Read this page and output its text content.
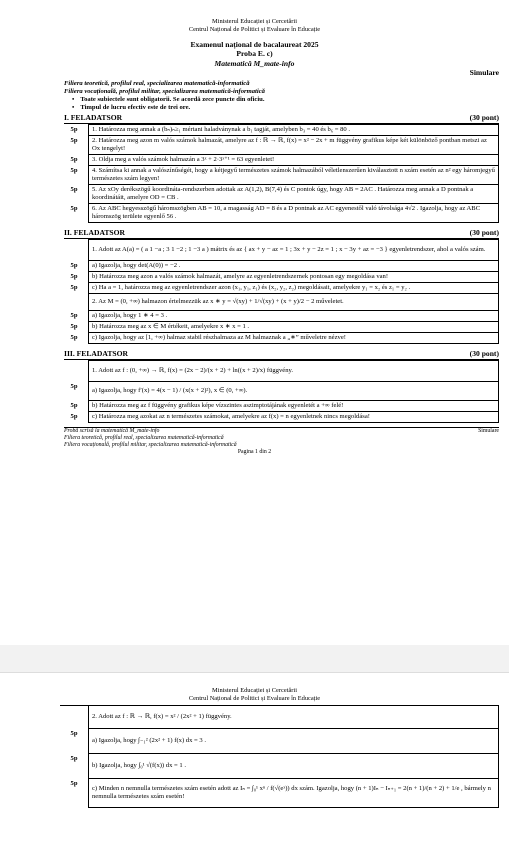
Ministerul Educației și Cercetării
Centrul Național de Politici și Evaluare în Educație
Examenul național de bacalaureat 2025
Proba E. c)
Matematică M_mate-info
Simulare
Filiera teoretică, profilul real, specializarea matematică-informatică
Filiera vocațională, profilul militar, specializarea matematică-informatică
• Toate subiectele sunt obligatorii. Se acordă zece puncte din oficiu.
• Timpul de lucru efectiv este de trei ore.
I. FELADATSOR	(30 pont)
5p	1. Határozza meg annak a (bₙ)ₙ≥₁ mértani haladványnak a b₁ tagját, amelyben b₃ = 40 és b₆ = 80 .
5p	2. Határozza meg azon m valós számok halmazát, amelyre az f : ℝ → ℝ, f(x) = x² − 2x + m függvény grafikus képe két különböző pontban metszi az Ox tengelyt!
5p	3. Oldja meg a valós számok halmazán a 3ˣ + 2·3ˣ⁺¹ = 63 egyenletet!
5p	4. Számítsa ki annak a valószínűségét, hogy a kétjegyű természetes számok halmazából véletlenszerűen kiválasztott n szám esetén az n² egy háromjegyű természetes szám legyen!
5p	5. Az xOy derékszögű koordináta-rendszerben adottak az A(1,2), B(7,4) és C pontok úgy, hogy AB = 2AC . Határozza meg annak a D pontnak a koordinátáit, amelyre OD = CB .
5p	6. Az ABC hegyesszögű háromszögben AB = 10, a magasság AD = 8 és a D pontnak az AC egyenestől való távolsága 4√2 . Igazolja, hogy az ABC háromszög területe egyenlő 56 .
II. FELADATSOR	(30 pont)
	1. Adott az A(a) = ( a 1 −a ; 3 1 −2 ; 1 −3 a ) mátrix és az { ax + y − az = 1 ; 3x + y − 2z = 1 ; x − 3y + az = −3 } egyenletrendszer, ahol a valós szám.
5p	a) Igazolja, hogy det(A(0)) = −2 .
5p	b) Határozza meg azon a valós számok halmazát, amelyre az egyenletrendszernek pontosan egy megoldása van!
5p	c) Ha a = 1, határozza meg az egyenletrendszer azon (x₁, y₁, z₁) és (x₂, y₂, z₂) megoldásait, amelyekre y₁ = x₂ és z₁ = y₂ .
	2. Az M = (0, +∞) halmazon értelmezzük az x ∗ y = √(xy) + 1/√(xy) + (x + y)/2 − 2 műveletet.
5p	a) Igazolja, hogy 1 ∗ 4 = 3 .
5p	b) Határozza meg az x ∈ M értékeit, amelyekre x ∗ x = 1 .
5p	c) Igazolja, hogy az [1, +∞) halmaz stabil részhalmaza az M halmaznak a „∗” műveletre nézve!
III. FELADATSOR	(30 pont)
	1. Adott az f : (0, +∞) → ℝ, f(x) = (2x − 2)/(x + 2) + ln((x + 2)/x) függvény.
5p	a) Igazolja, hogy f′(x) = 4(x − 1) / (x(x + 2)²), x ∈ (0, +∞).
5p	b) Határozza meg az f függvény grafikus képe vízszintes aszimptotájának egyenletét a +∞ felé!
5p	c) Határozza meg azokat az n természetes számokat, amelyekre az f(x) = n egyenletnek nincs megoldása!
Probă scrisă la matematică M_mate-info
Filiera teoretică, profilul real, specializarea matematică-informatică
Filiera vocațională, profilul militar, specializarea matematică-informatică
Simulare
Pagina 1 din 2
Ministerul Educației și Cercetării
Centrul Național de Politici și Evaluare în Educație
	2. Adott az f : ℝ → ℝ, f(x) = x² / (2x² + 1) függvény.
5p	a) Igazolja, hogy ∫₋₁² (2x² + 1) f(x) dx = 3 .
5p	b) Igazolja, hogy ∫₀¹ √(f(x)) dx = 1 .
5p	c) Minden n nemnulla természetes szám esetén adott az Iₙ = ∫₀¹ xⁿ / f(√(eˣ)) dx szám. Igazolja, hogy (n + 1)Iₙ − Iₙ₊₁ = 2(n + 1)/(n + 2) + 1/e , bármely n nemnulla természetes szám esetén!
